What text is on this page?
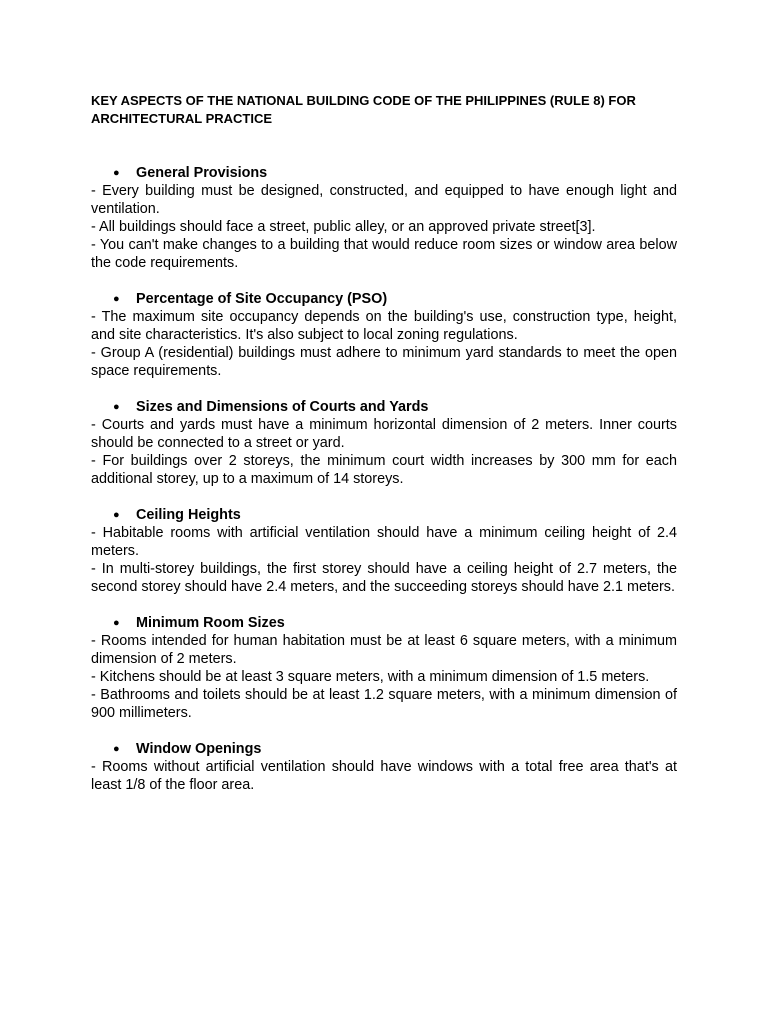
KEY ASPECTS OF THE NATIONAL BUILDING CODE OF THE PHILIPPINES (RULE 8) FOR ARCHITECTURAL PRACTICE
● General Provisions

- Every building must be designed, constructed, and equipped to have enough light and ventilation.

- All buildings should face a street, public alley, or an approved private street[3].

- You can't make changes to a building that would reduce room sizes or window area below the code requirements.

● Percentage of Site Occupancy (PSO)

- The maximum site occupancy depends on the building's use, construction type, height, and site characteristics. It's also subject to local zoning regulations.

- Group A (residential) buildings must adhere to minimum yard standards to meet the open space requirements.

● Sizes and Dimensions of Courts and Yards

- Courts and yards must have a minimum horizontal dimension of 2 meters. Inner courts should be connected to a street or yard.

- For buildings over 2 storeys, the minimum court width increases by 300 mm for each additional storey, up to a maximum of 14 storeys.

● Ceiling Heights

- Habitable rooms with artificial ventilation should have a minimum ceiling height of 2.4 meters.

- In multi-storey buildings, the first storey should have a ceiling height of 2.7 meters, the second storey should have 2.4 meters, and the succeeding storeys should have 2.1 meters.

● Minimum Room Sizes

- Rooms intended for human habitation must be at least 6 square meters, with a minimum dimension of 2 meters.

- Kitchens should be at least 3 square meters, with a minimum dimension of 1.5 meters.

- Bathrooms and toilets should be at least 1.2 square meters, with a minimum dimension of 900 millimeters.

● Window Openings

- Rooms without artificial ventilation should have windows with a total free area that's at least 1/8 of the floor area.
